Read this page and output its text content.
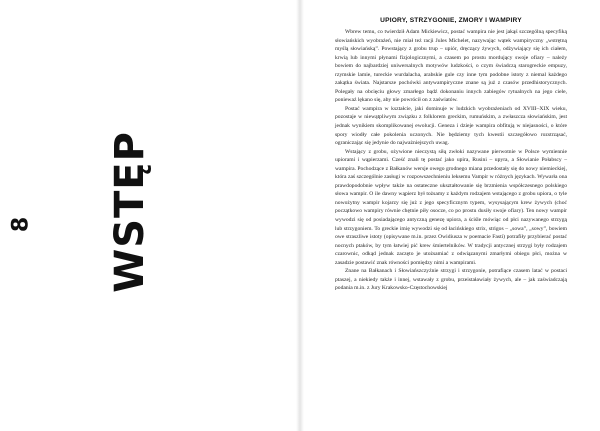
8 WSTĘP
UPIORY, STRZYGONIE, ZMORY I WAMPIRY

Wbrew temu, co twierdził Adam Mickiewicz, postać wampira nie jest jakąś szczególną specyfiką słowiańskich wyobrażeń, nie miał też racji Jules Michelet, nazywając wątek wampiryczny „wstrętną myślą słowiańską”. Powstający z grobu trup – upiór, dręczący żywych, odżywiający się ich ciałem, krwią lub innymi płynami fizjologicznymi, a czasem po prostu mordujący swoje ofiary – należy bowiem do najbardziej uniwersalnych motywów ludzkości, o czym świadczą starogreckie empuzy, rzymskie lamie, tureckie wurdalacha, arabskie gule czy inne tym podobne istoty z niemal każdego zakątka świata. Najstarsze pochówki antywampiryczne znane są już z czasów przedhistorycznych. Polegały na obcięciu głowy zmarłego bądź dokonaniu innych zabiegów rytualnych na jego ciele, ponieważ lękano się, aby nie powrócił on z zaświatów.

Postać wampira w kształcie, jaki dominuje w ludzkich wyobrażeniach od XVIII–XIX wieku, pozostaje w niewątpliwym związku z folklorem greckim, rumuńskim, a zwłaszcza słowiańskim, jest jednak wynikiem skomplikowanej ewolucji. Geneza i dzieje wampira obfitują w niejasności, o które spory wiodły całe pokolenia uczonych. Nie będziemy tych kwestii szczegółowo rozstrząsać, ograniczając się jedynie do najważniejszych uwag.

Wstający z grobu, ożywione nieczystą siłą zwłoki nazywane pierwotnie w Polsce wymiennie upiorami i wąpierzami. Cześć znali tę postać jako upira, Rusini – upyra, a Słowianie Połabscy – wampira. Pochodzące z Bałkanów wersje owego grodnego miana przedostały się do nowy niemieckiej, która zaś szczególnie zasługi w rozpowszechnieniu leksemu Vampir w różnych językach. Wywarła ona prawdopodobnie wpływ także na ostateczne ukształtowanie się brzmienia współczesnego polskiego słowa wampir. O ile dawny wąpierz był tożsamy z każdym rodzajem wstającego z grobu upiora, o tyle nowożytny wampir kojarzy się już z jego specyficznym typem, wysysającym krew żywych (choć początkowo wampiry równie chętnie piły osocze, co po prostu dusiły swoje ofiary). Ten nowy wampir wywodzi się od posiadającego antyczną genezę upiora, a ściśle mówiąc od płci nazywanego strzygą lub strzygoniem. To greckie imię wywodzi się od łacińskiego strix, strigos – „sowa”, „sowy”, bowiem owe straszliwe istoty (opisywane m.in. przez Owidiusza w poemacie Fasti) potrafiły przybierać postać nocnych ptaków, by tym łatwiej pić krew śmiertelników. W tradycji antycznej strzygi były rodzajem czarownic, odkąd jednak zaczęto je utożsamiać z odwiązanymi zmarłymi obiegu płci, można w zasadzie postawić znak równości pomiędzy nimi a wampirami.

Znane na Bałkanach i Słowiańszczyźnie strzygi i strzygonie, potrafiące czasem latać w postaci ptaszej, a niekiedy także i innej, wstawały z grobu, przeistaławiały żywych, ale – jak zaświadczają podania m.in. z Jury Krakowsko-Częstochowskiej
